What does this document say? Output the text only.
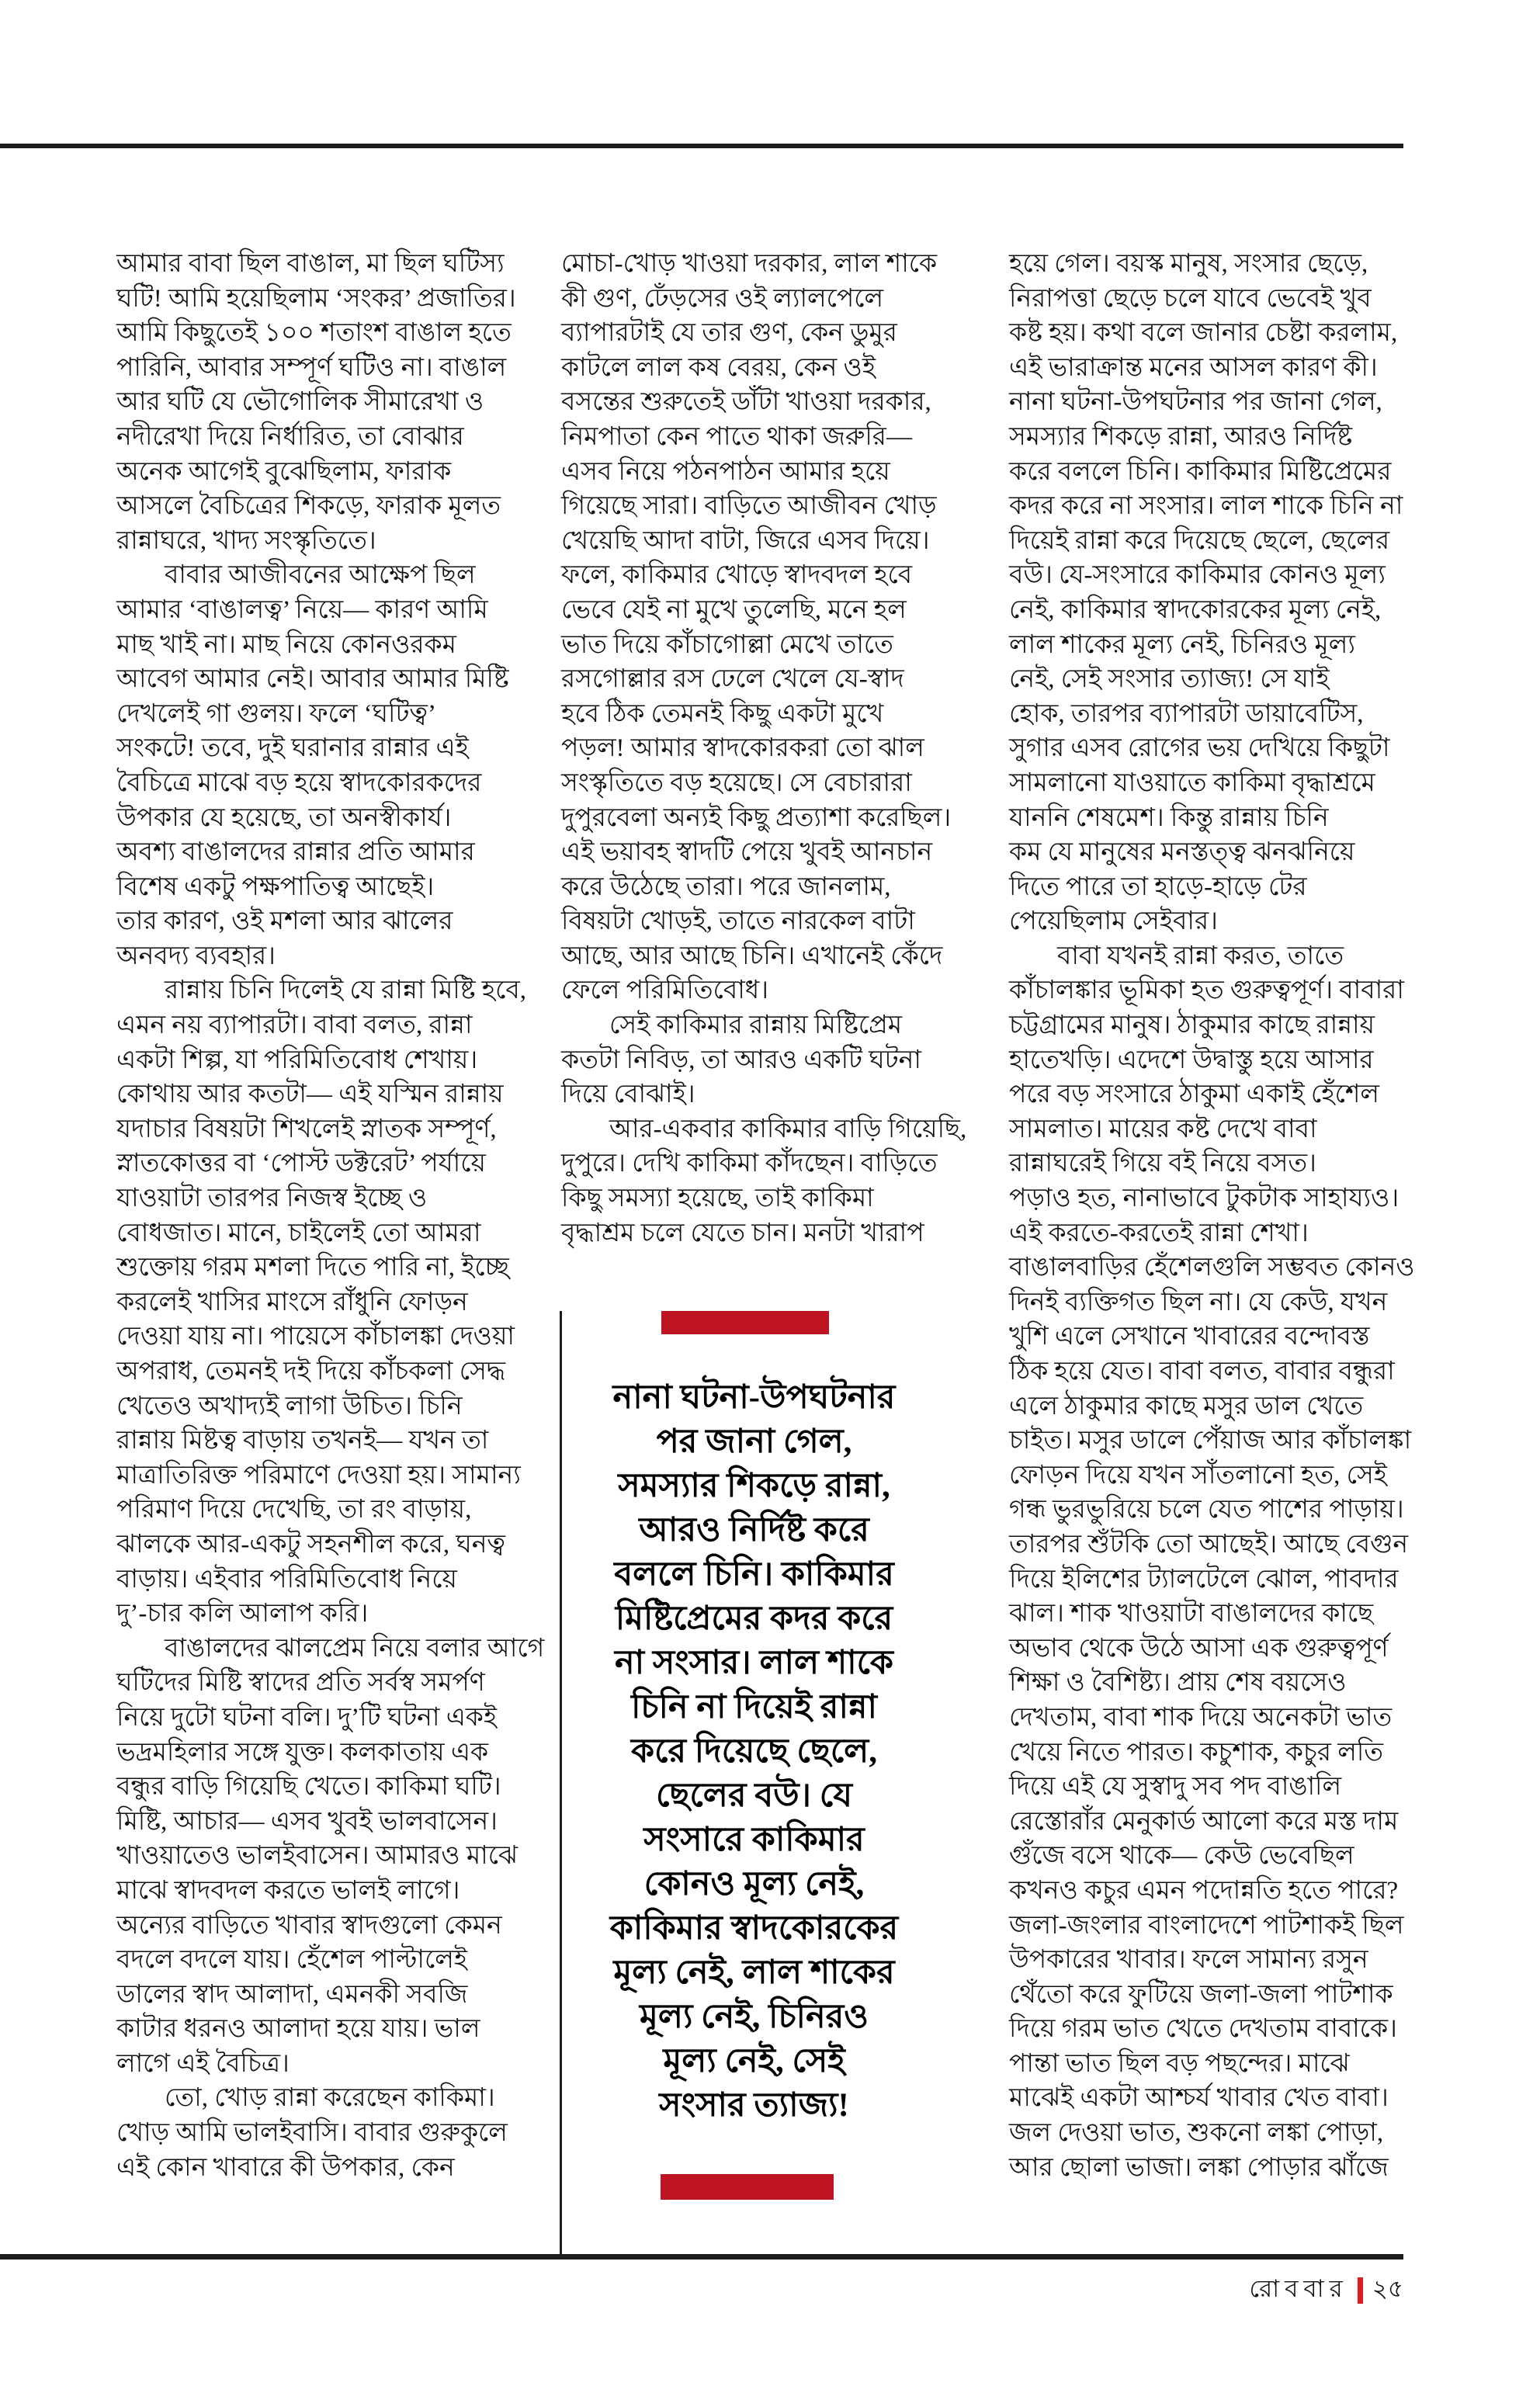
আমার বাবা ছিল বাঙাল, মা ছিল ঘটিস্য
ঘটি! আমি হয়েছিলাম ‘সংকর’ প্রজাতির।
আমি কিছুতেই ১০০ শতাংশ বাঙাল হতে
পারিনি, আবার সম্পূর্ণ ঘটিও না। বাঙাল
আর ঘটি যে ভৌগোলিক সীমারেখা ও
নদীরেখা দিয়ে নির্ধারিত, তা বোঝার
অনেক আগেই বুঝেছিলাম, ফারাক
আসলে বৈচিত্রের শিকড়ে, ফারাক মূলত
রান্নাঘরে, খাদ্য সংস্কৃতিতে।
বাবার আজীবনের আক্ষেপ ছিল
আমার ‘বাঙালত্ব’ নিয়ে— কারণ আমি
মাছ খাই না। মাছ নিয়ে কোনওরকম
আবেগ আমার নেই। আবার আমার মিষ্টি
দেখলেই গা গুলয়। ফলে ‘ঘটিত্ব’
সংকটে! তবে, দুই ঘরানার রান্নার এই
বৈচিত্রে মাঝে বড় হয়ে স্বাদকোরকদের
উপকার যে হয়েছে, তা অনস্বীকার্য।
অবশ্য বাঙালদের রান্নার প্রতি আমার
বিশেষ একটু পক্ষপাতিত্ব আছেই।
তার কারণ, ওই মশলা আর ঝালের
অনবদ্য ব্যবহার।
রান্নায় চিনি দিলেই যে রান্না মিষ্টি হবে,
এমন নয় ব্যাপারটা। বাবা বলত, রান্না
একটা শিল্প, যা পরিমিতিবোধ শেখায়।
কোথায় আর কতটা— এই যস্মিন রান্নায়
যদাচার বিষয়টা শিখলেই স্নাতক সম্পূর্ণ,
স্নাতকোত্তর বা ‘পোস্ট ডক্টরেট’ পর্যায়ে
যাওয়াটা তারপর নিজস্ব ইচ্ছে ও
বোধজাত। মানে, চাইলেই তো আমরা
শুক্তোয় গরম মশলা দিতে পারি না, ইচ্ছে
করলেই খাসির মাংসে রাঁধুনি ফোড়ন
দেওয়া যায় না। পায়েসে কাঁচালঙ্কা দেওয়া
অপরাধ, তেমনই দই দিয়ে কাঁচকলা সেদ্ধ
খেতেও অখাদ্যই লাগা উচিত। চিনি
রান্নায় মিষ্টত্ব বাড়ায় তখনই— যখন তা
মাত্রাতিরিক্ত পরিমাণে দেওয়া হয়। সামান্য
পরিমাণ দিয়ে দেখেছি, তা রং বাড়ায়,
ঝালকে আর-একটু সহনশীল করে, ঘনত্ব
বাড়ায়। এইবার পরিমিতিবোধ নিয়ে
দু’-চার কলি আলাপ করি।
বাঙালদের ঝালপ্রেম নিয়ে বলার আগে
ঘটিদের মিষ্টি স্বাদের প্রতি সর্বস্ব সমর্পণ
নিয়ে দুটো ঘটনা বলি। দু’টি ঘটনা একই
ভদ্রমহিলার সঙ্গে যুক্ত। কলকাতায় এক
বন্ধুর বাড়ি গিয়েছি খেতে। কাকিমা ঘটি।
মিষ্টি, আচার— এসব খুবই ভালবাসেন।
খাওয়াতেও ভালইবাসেন। আমারও মাঝে
মাঝে স্বাদবদল করতে ভালই লাগে।
অন্যের বাড়িতে খাবার স্বাদগুলো কেমন
বদলে বদলে যায়। হেঁশেল পাল্টালেই
ডালের স্বাদ আলাদা, এমনকী সবজি
কাটার ধরনও আলাদা হয়ে যায়। ভাল
লাগে এই বৈচিত্র।
তো, খোড় রান্না করেছেন কাকিমা।
খোড় আমি ভালইবাসি। বাবার গুরুকুলে
এই কোন খাবারে কী উপকার, কেন
মোচা-খোড় খাওয়া দরকার, লাল শাকে
কী গুণ, ঢেঁড়সের ওই ল্যালপেলে
ব্যাপারটাই যে তার গুণ, কেন ডুমুর
কাটলে লাল কষ বেরয়, কেন ওই
বসন্তের শুরুতেই ডাঁটা খাওয়া দরকার,
নিমপাতা কেন পাতে থাকা জরুরি—
এসব নিয়ে পঠনপাঠন আমার হয়ে
গিয়েছে সারা। বাড়িতে আজীবন খোড়
খেয়েছি আদা বাটা, জিরে এসব দিয়ে।
ফলে, কাকিমার খোড়ে স্বাদবদল হবে
ভেবে যেই না মুখে তুলেছি, মনে হল
ভাত দিয়ে কাঁচাগোল্লা মেখে তাতে
রসগোল্লার রস ঢেলে খেলে যে-স্বাদ
হবে ঠিক তেমনই কিছু একটা মুখে
পড়ল! আমার স্বাদকোরকরা তো ঝাল
সংস্কৃতিতে বড় হয়েছে। সে বেচারারা
দুপুরবেলা অন্যই কিছু প্রত্যাশা করেছিল।
এই ভয়াবহ স্বাদটি পেয়ে খুবই আনচান
করে উঠেছে তারা। পরে জানলাম,
বিষয়টা খোড়ই, তাতে নারকেল বাটা
আছে, আর আছে চিনি। এখানেই কেঁদে
ফেলে পরিমিতিবোধ।
সেই কাকিমার রান্নায় মিষ্টিপ্রেম
কতটা নিবিড়, তা আরও একটি ঘটনা
দিয়ে বোঝাই।
আর-একবার কাকিমার বাড়ি গিয়েছি,
দুপুরে। দেখি কাকিমা কাঁদছেন। বাড়িতে
কিছু সমস্যা হয়েছে, তাই কাকিমা
বৃদ্ধাশ্রম চলে যেতে চান। মনটা খারাপ
হয়ে গেল। বয়স্ক মানুষ, সংসার ছেড়ে,
নিরাপত্তা ছেড়ে চলে যাবে ভেবেই খুব
কষ্ট হয়। কথা বলে জানার চেষ্টা করলাম,
এই ভারাক্রান্ত মনের আসল কারণ কী।
নানা ঘটনা-উপঘটনার পর জানা গেল,
সমস্যার শিকড়ে রান্না, আরও নির্দিষ্ট
করে বললে চিনি। কাকিমার মিষ্টিপ্রেমের
কদর করে না সংসার। লাল শাকে চিনি না
দিয়েই রান্না করে দিয়েছে ছেলে, ছেলের
বউ। যে-সংসারে কাকিমার কোনও মূল্য
নেই, কাকিমার স্বাদকোরকের মূল্য নেই,
লাল শাকের মূল্য নেই, চিনিরও মূল্য
নেই, সেই সংসার ত্যাজ্য! সে যাই
হোক, তারপর ব্যাপারটা ডায়াবেটিস,
সুগার এসব রোগের ভয় দেখিয়ে কিছুটা
সামলানো যাওয়াতে কাকিমা বৃদ্ধাশ্রমে
যাননি শেষমেশ। কিন্তু রান্নায় চিনি
কম যে মানুষের মনস্তত্ত্ব ঝনঝনিয়ে
দিতে পারে তা হাড়ে-হাড়ে টের
পেয়েছিলাম সেইবার।
বাবা যখনই রান্না করত, তাতে
কাঁচালঙ্কার ভূমিকা হত গুরুত্বপূর্ণ। বাবারা
চট্টগ্রামের মানুষ। ঠাকুমার কাছে রান্নায়
হাতেখড়ি। এদেশে উদ্বাস্তু হয়ে আসার
পরে বড় সংসারে ঠাকুমা একাই হেঁশেল
সামলাত। মায়ের কষ্ট দেখে বাবা
রান্নাঘরেই গিয়ে বই নিয়ে বসত।
পড়াও হত, নানাভাবে টুকটাক সাহায্যও।
এই করতে-করতেই রান্না শেখা।
বাঙালবাড়ির হেঁশেলগুলি সম্ভবত কোনও
দিনই ব্যক্তিগত ছিল না। যে কেউ, যখন
খুশি এলে সেখানে খাবারের বন্দোবস্ত
ঠিক হয়ে যেত। বাবা বলত, বাবার বন্ধুরা
এলে ঠাকুমার কাছে মসুর ডাল খেতে
চাইত। মসুর ডালে পেঁয়াজ আর কাঁচালঙ্কা
ফোড়ন দিয়ে যখন সাঁতলানো হত, সেই
গন্ধ ভুরভুরিয়ে চলে যেত পাশের পাড়ায়।
তারপর শুঁটকি তো আছেই। আছে বেগুন
দিয়ে ইলিশের ট্যালটেলে ঝোল, পাবদার
ঝাল। শাক খাওয়াটা বাঙালদের কাছে
অভাব থেকে উঠে আসা এক গুরুত্বপূর্ণ
শিক্ষা ও বৈশিষ্ট্য। প্রায় শেষ বয়সেও
দেখতাম, বাবা শাক দিয়ে অনেকটা ভাত
খেয়ে নিতে পারত। কচুশাক, কচুর লতি
দিয়ে এই যে সুস্বাদু সব পদ বাঙালি
রেস্তোরাঁর মেনুকার্ড আলো করে মস্ত দাম
গুঁজে বসে থাকে— কেউ ভেবেছিল
কখনও কচুর এমন পদোন্নতি হতে পারে?
জলা-জংলার বাংলাদেশে পাটশাকই ছিল
উপকারের খাবার। ফলে সামান্য রসুন
থেঁতো করে ফুটিয়ে জলা-জলা পাটশাক
দিয়ে গরম ভাত খেতে দেখতাম বাবাকে।
পান্তা ভাত ছিল বড় পছন্দের। মাঝে
মাঝেই একটা আশ্চর্য খাবার খেত বাবা।
জল দেওয়া ভাত, শুকনো লঙ্কা পোড়া,
আর ছোলা ভাজা। লঙ্কা পোড়ার ঝাঁজে
নানা ঘটনা-উপঘটনার
পর জানা গেল,
সমস্যার শিকড়ে রান্না,
আরও নির্দিষ্ট করে
বললে চিনি। কাকিমার
মিষ্টিপ্রেমের কদর করে
না সংসার। লাল শাকে
চিনি না দিয়েই রান্না
করে দিয়েছে ছেলে,
ছেলের বউ। যে
সংসারে কাকিমার
কোনও মূল্য নেই,
কাকিমার স্বাদকোরকের
মূল্য নেই, লাল শাকের
মূল্য নেই, চিনিরও
মূল্য নেই, সেই
সংসার ত্যাজ্য!
রোববার ২৫
